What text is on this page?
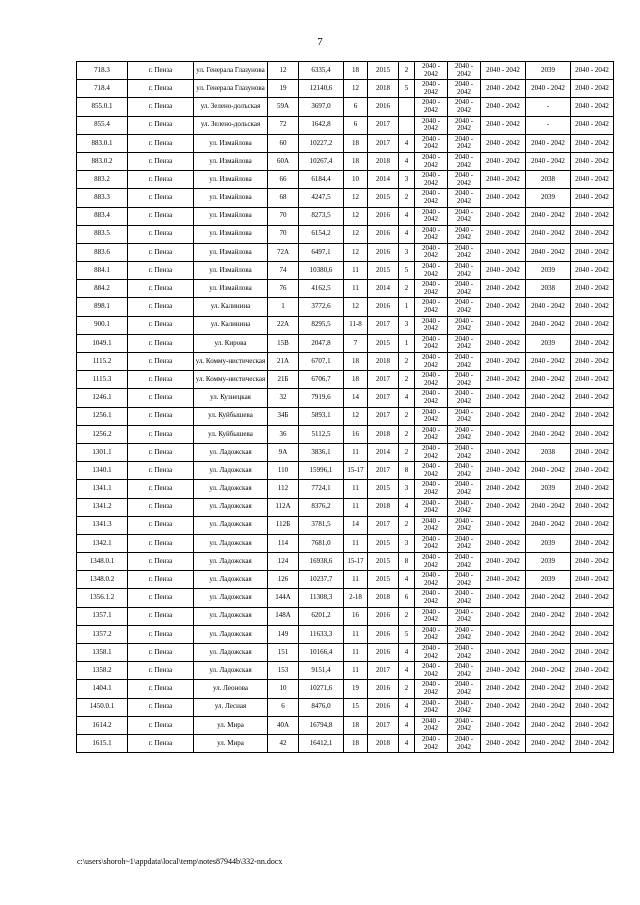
7
718.3	г. Пенза	ул. Генерала Глазунова	12	6335,4	18	2015	2	2040 - 2042	2040 - 2042	2040 - 2042	2039	2040 - 2042
718.4	г. Пенза	ул. Генерала Глазунова	19	12140,6	12	2018	5	2040 - 2042	2040 - 2042	2040 - 2042	2040 - 2042	2040 - 2042
855.0.1	г. Пенза	ул. Зелено-долъская	59А	3697,0	6	2016		2040 - 2042	2040 - 2042	2040 - 2042	-	2040 - 2042
855.4	г. Пенза	ул. Зелено-дольская	72	1642,8	6	2017		2040 - 2042	2040 - 2042	2040 - 2042	-	2040 - 2042
883.0.1	г. Пенза	ул. Измайлова	60	10227,2	18	2017	4	2040 - 2042	2040 - 2042	2040 - 2042	2040 - 2042	2040 - 2042
883.0.2	г. Пенза	ул. Измайлова	60А	10267,4	18	2018	4	2040 - 2042	2040 - 2042	2040 - 2042	2040 - 2042	2040 - 2042
883.2	г. Пенза	ул. Измайлова	66	6184,4	10	2014	3	2040 - 2042	2040 - 2042	2040 - 2042	2038	2040 - 2042
883.3	г. Пенза	ул. Измайлова	68	4247,5	12	2015	2	2040 - 2042	2040 - 2042	2040 - 2042	2039	2040 - 2042
883.4	г. Пенза	ул. Измайлова	70	8273,5	12	2016	4	2040 - 2042	2040 - 2042	2040 - 2042	2040 - 2042	2040 - 2042
883.5	г. Пенза	ул. Измайлова	70	6154,2	12	2016	4	2040 - 2042	2040 - 2042	2040 - 2042	2040 - 2042	2040 - 2042
883.6	г. Пенза	ул. Измайлова	72А	6497,1	12	2016	3	2040 - 2042	2040 - 2042	2040 - 2042	2040 - 2042	2040 - 2042
884.1	г. Пенза	ул. Измайлова	74	10380,6	11	2015	5	2040 - 2042	2040 - 2042	2040 - 2042	2039	2040 - 2042
884.2	г. Пенза	ул. Измайлова	76	4162,5	11	2014	2	2040 - 2042	2040 - 2042	2040 - 2042	2038	2040 - 2042
898.1	г. Пенза	ул. Калинина	1	3772,6	12	2016	1	2040 - 2042	2040 - 2042	2040 - 2042	2040 - 2042	2040 - 2042
900.1	г. Пенза	ул. Калинина	22А	8295,5	11-8	2017	3	2040 - 2042	2040 - 2042	2040 - 2042	2040 - 2042	2040 - 2042
1049.1	г. Пенза	ул. Кирова	15В	2047,8	7	2015	1	2040 - 2042	2040 - 2042	2040 - 2042	2039	2040 - 2042
1115.2	г. Пенза	ул. Комму-нистическая	21А	6707,1	18	2018	2	2040 - 2042	2040 - 2042	2040 - 2042	2040 - 2042	2040 - 2042
1115.3	г. Пенза	ул. Комму-нистическая	21Б	6706,7	18	2017	2	2040 - 2042	2040 - 2042	2040 - 2042	2040 - 2042	2040 - 2042
1246.1	г. Пенза	ул. Кузнецкая	32	7919,6	14	2017	4	2040 - 2042	2040 - 2042	2040 - 2042	2040 - 2042	2040 - 2042
1256.1	г. Пенза	ул. Куйбышева	34Б	5893,1	12	2017	2	2040 - 2042	2040 - 2042	2040 - 2042	2040 - 2042	2040 - 2042
1256.2	г. Пенза	ул. Куйбышева	36	5112,5	16	2018	2	2040 - 2042	2040 - 2042	2040 - 2042	2040 - 2042	2040 - 2042
1301.1	г. Пенза	ул. Ладожская	9А	3836,1	11	2014	2	2040 - 2042	2040 - 2042	2040 - 2042	2038	2040 - 2042
1340.1	г. Пенза	ул. Ладожская	110	15996,1	15-17	2017	8	2040 - 2042	2040 - 2042	2040 - 2042	2040 - 2042	2040 - 2042
1341.1	г. Пенза	ул. Ладожская	112	7724,1	11	2015	3	2040 - 2042	2040 - 2042	2040 - 2042	2039	2040 - 2042
1341.2	г. Пенза	ул. Ладожская	112А	8376,2	11	2018	4	2040 - 2042	2040 - 2042	2040 - 2042	2040 - 2042	2040 - 2042
1341.3	г. Пенза	ул. Ладожская	112Б	3781,5	14	2017	2	2040 - 2042	2040 - 2042	2040 - 2042	2040 - 2042	2040 - 2042
1342.1	г. Пенза	ул. Ладожская	114	7681,0	11	2015	3	2040 - 2042	2040 - 2042	2040 - 2042	2039	2040 - 2042
1348.0.1	г. Пенза	ул. Ладожская	124	16938,6	15-17	2015	8	2040 - 2042	2040 - 2042	2040 - 2042	2039	2040 - 2042
1348.0.2	г. Пенза	ул. Ладожская	126	10237,7	11	2015	4	2040 - 2042	2040 - 2042	2040 - 2042	2039	2040 - 2042
1356.1.2	г. Пенза	ул. Ладожская	144А	11308,3	2-18	2018	6	2040 - 2042	2040 - 2042	2040 - 2042	2040 - 2042	2040 - 2042
1357.1	г. Пенза	ул. Ладожская	148А	6201,2	16	2016	2	2040 - 2042	2040 - 2042	2040 - 2042	2040 - 2042	2040 - 2042
1357.2	г. Пенза	ул. Ладожская	149	11633,3	11	2016	5	2040 - 2042	2040 - 2042	2040 - 2042	2040 - 2042	2040 - 2042
1358.1	г. Пенза	ул. Ладожская	151	10166,4	11	2016	4	2040 - 2042	2040 - 2042	2040 - 2042	2040 - 2042	2040 - 2042
1358.2	г. Пенза	ул. Ладожская	153	9151,4	11	2017	4	2040 - 2042	2040 - 2042	2040 - 2042	2040 - 2042	2040 - 2042
1404.1	г. Пенза	ул. Леонова	10	10271,6	19	2016	2	2040 - 2042	2040 - 2042	2040 - 2042	2040 - 2042	2040 - 2042
1450.0.1	г. Пенза	ул. Лесная	6	8476,0	15	2016	4	2040 - 2042	2040 - 2042	2040 - 2042	2040 - 2042	2040 - 2042
1614.2	г. Пенза	ул. Мира	40А	16794,8	18	2017	4	2040 - 2042	2040 - 2042	2040 - 2042	2040 - 2042	2040 - 2042
1615.1	г. Пенза	ул. Мира	42	16412,1	18	2018	4	2040 - 2042	2040 - 2042	2040 - 2042	2040 - 2042	2040 - 2042
c:\users\shoroh~1\appdata\local\temp\notes87944b\332-nn.docx
